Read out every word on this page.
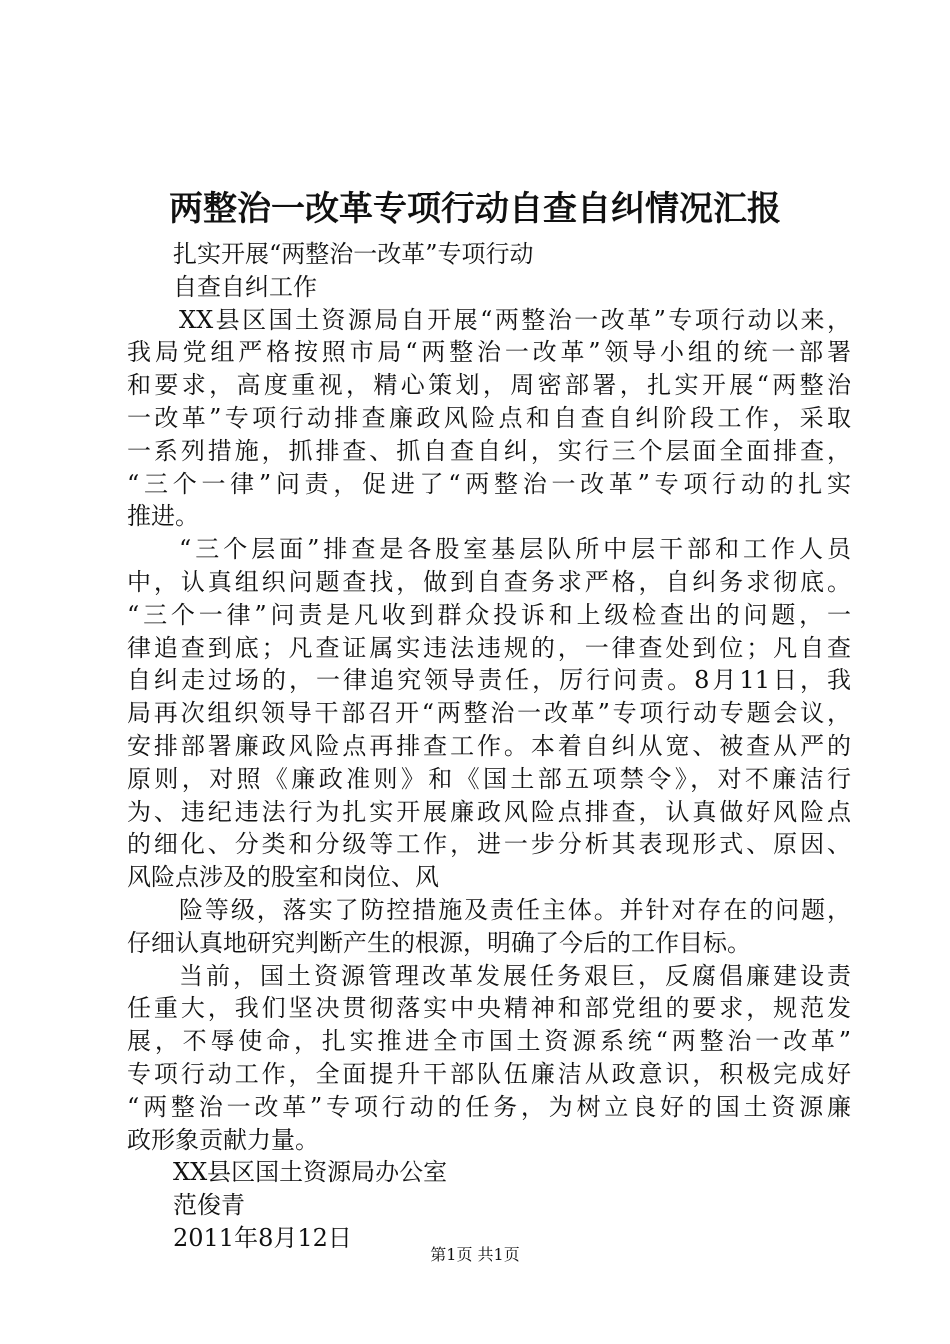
两整治一改革专项行动自查自纠情况汇报
扎实开展“两整治一改革”专项行动
自查自纠工作
XX县区国土资源局自开展“两整治一改革”专项行动以来，
我局党组严格按照市局“两整治一改革”领导小组的统一部署
和要求，高度重视，精心策划，周密部署，扎实开展“两整治
一改革”专项行动排查廉政风险点和自查自纠阶段工作，采取
一系列措施，抓排查、抓自查自纠，实行三个层面全面排查，
“三个一律”问责，促进了“两整治一改革”专项行动的扎实
推进。
“三个层面”排查是各股室基层队所中层干部和工作人员
中，认真组织问题查找，做到自查务求严格，自纠务求彻底。
“三个一律”问责是凡收到群众投诉和上级检查出的问题，一
律追查到底；凡查证属实违法违规的，一律查处到位；凡自查
自纠走过场的，一律追究领导责任，厉行问责。8月11日，我
局再次组织领导干部召开“两整治一改革”专项行动专题会议，
安排部署廉政风险点再排查工作。本着自纠从宽、被查从严的
原则，对照《廉政准则》和《国土部五项禁令》，对不廉洁行
为、违纪违法行为扎实开展廉政风险点排查，认真做好风险点
的细化、分类和分级等工作，进一步分析其表现形式、原因、
风险点涉及的股室和岗位、风
险等级，落实了防控措施及责任主体。并针对存在的问题，
仔细认真地研究判断产生的根源，明确了今后的工作目标。
当前，国土资源管理改革发展任务艰巨，反腐倡廉建设责
任重大，我们坚决贯彻落实中央精神和部党组的要求，规范发
展，不辱使命，扎实推进全市国土资源系统“两整治一改革”
专项行动工作，全面提升干部队伍廉洁从政意识，积极完成好
“两整治一改革”专项行动的任务，为树立良好的国土资源廉
政形象贡献力量。
XX县区国土资源局办公室
范俊青
2011年8月12日
第1页 共1页
